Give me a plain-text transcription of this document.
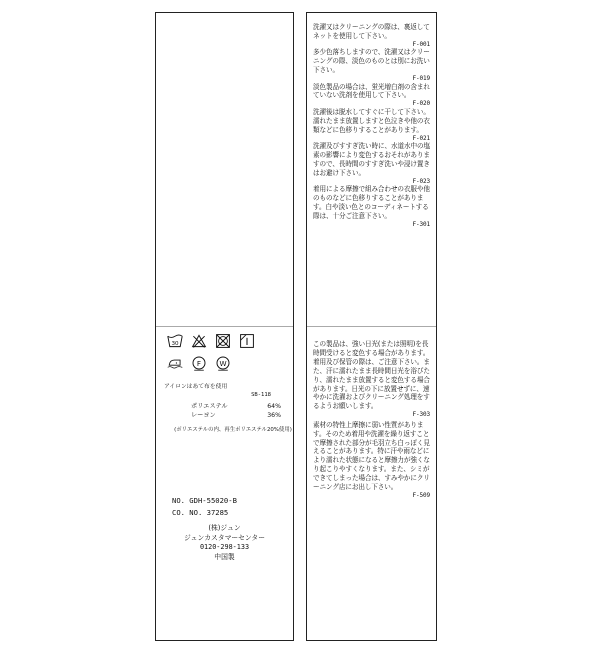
30
F W
アイロンはあて布を使用
SB-118
ポリエステル	64%
レーヨン	36%
(ポリエステルの内、再生ポリエステル20%使用)
NO. GDH-55020-B
CO. NO. 37285
(株)ジュン
ジュンカスタマーセンター
0120-298-133
中国製

洗濯又はクリーニングの際は、裏返してネットを使用して下さい。

F-001

多少色落ちしますので、洗濯又はクリーニングの際、淡色のものとは別にお洗い下さい。

F-019

淡色製品の場合は、蛍光増白剤の含まれていない洗剤を使用して下さい。

F-020

洗濯後は脱水してすぐに干して下さい。濡れたまま放置しますと色泣きや他の衣類などに色移りすることがあります。

F-021

洗濯及びすすぎ洗い時に、水道水中の塩素の影響により変色するおそれがありますので、長時間のすすぎ洗いや浸け置きはお避け下さい。

F-023

着用による摩擦で組み合わせの衣服や他のものなどに色移りすることがあります。白や淡い色とのコーディネートする際は、十分ご注意下さい。

F-301

この製品は、強い日光(または照明)を長時間受けると変色する場合があります。着用及び保管の際は、ご注意下さい。また、汗に濡れたまま長時間日光を浴びたり、濡れたまま放置すると変色する場合があります。日光の下に放置せずに、速やかに洗濯およびクリーニング処理をするようお願いします。

F-303

素材の特性上摩擦に弱い性質があります。そのため着用や洗濯を繰り返すことで摩擦された部分が毛羽立ち白っぽく見えることがあります。特に汗や雨などにより濡れた状態になると摩擦力が強くなり起こりやすくなります。また、シミができてしまった場合は、すみやかにクリーニング店にお出し下さい。

F-509
